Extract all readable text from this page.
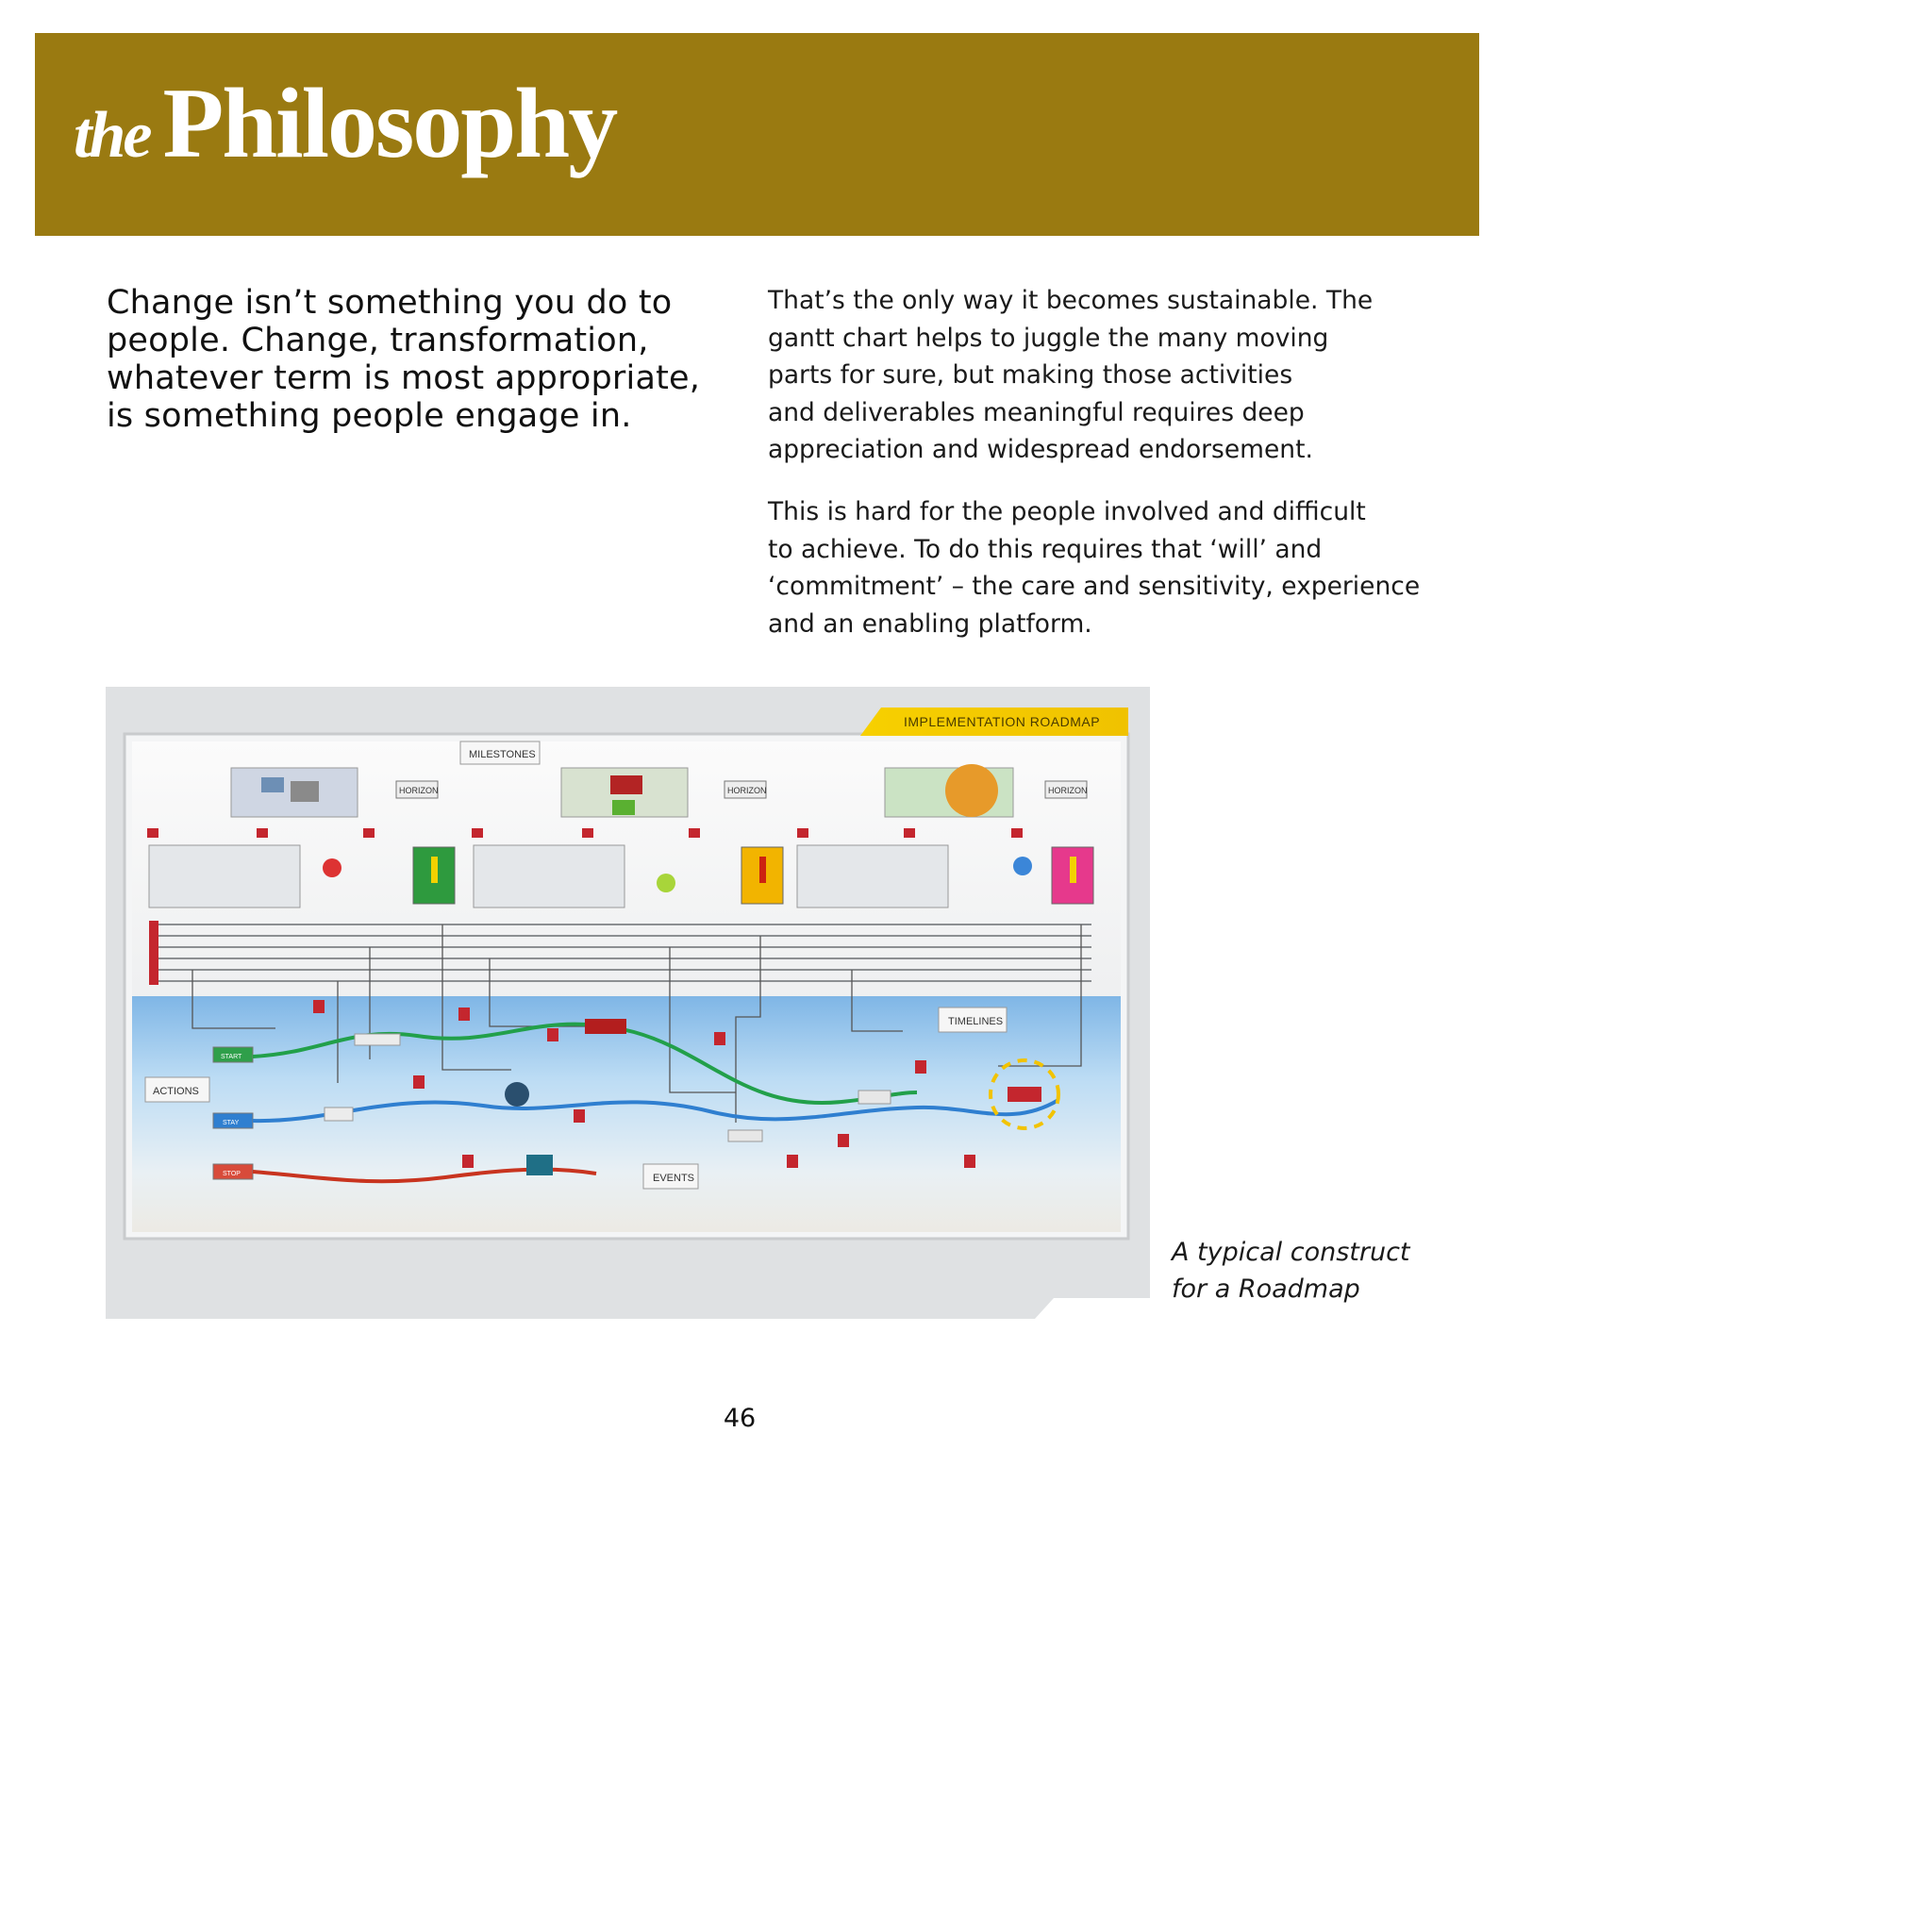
the Philosophy
Change isn’t something you do to
people. Change, transformation,
whatever term is most appropriate,
is something people engage in.
That’s the only way it becomes sustainable. The
gantt chart helps to juggle the many moving
parts for sure, but making those activities
and deliverables meaningful requires deep
appreciation and widespread endorsement.
This is hard for the people involved and difficult
to achieve. To do this requires that ‘will’ and
‘commitment’ – the care and sensitivity, experience
and an enabling platform.
IMPLEMENTATION ROADMAP
MILESTONES
HORIZON	HORIZON	HORIZON
TIMELINES
ACTIONS
START
STAY
STOP	EVENTS
A typical construct
for a Roadmap
46
